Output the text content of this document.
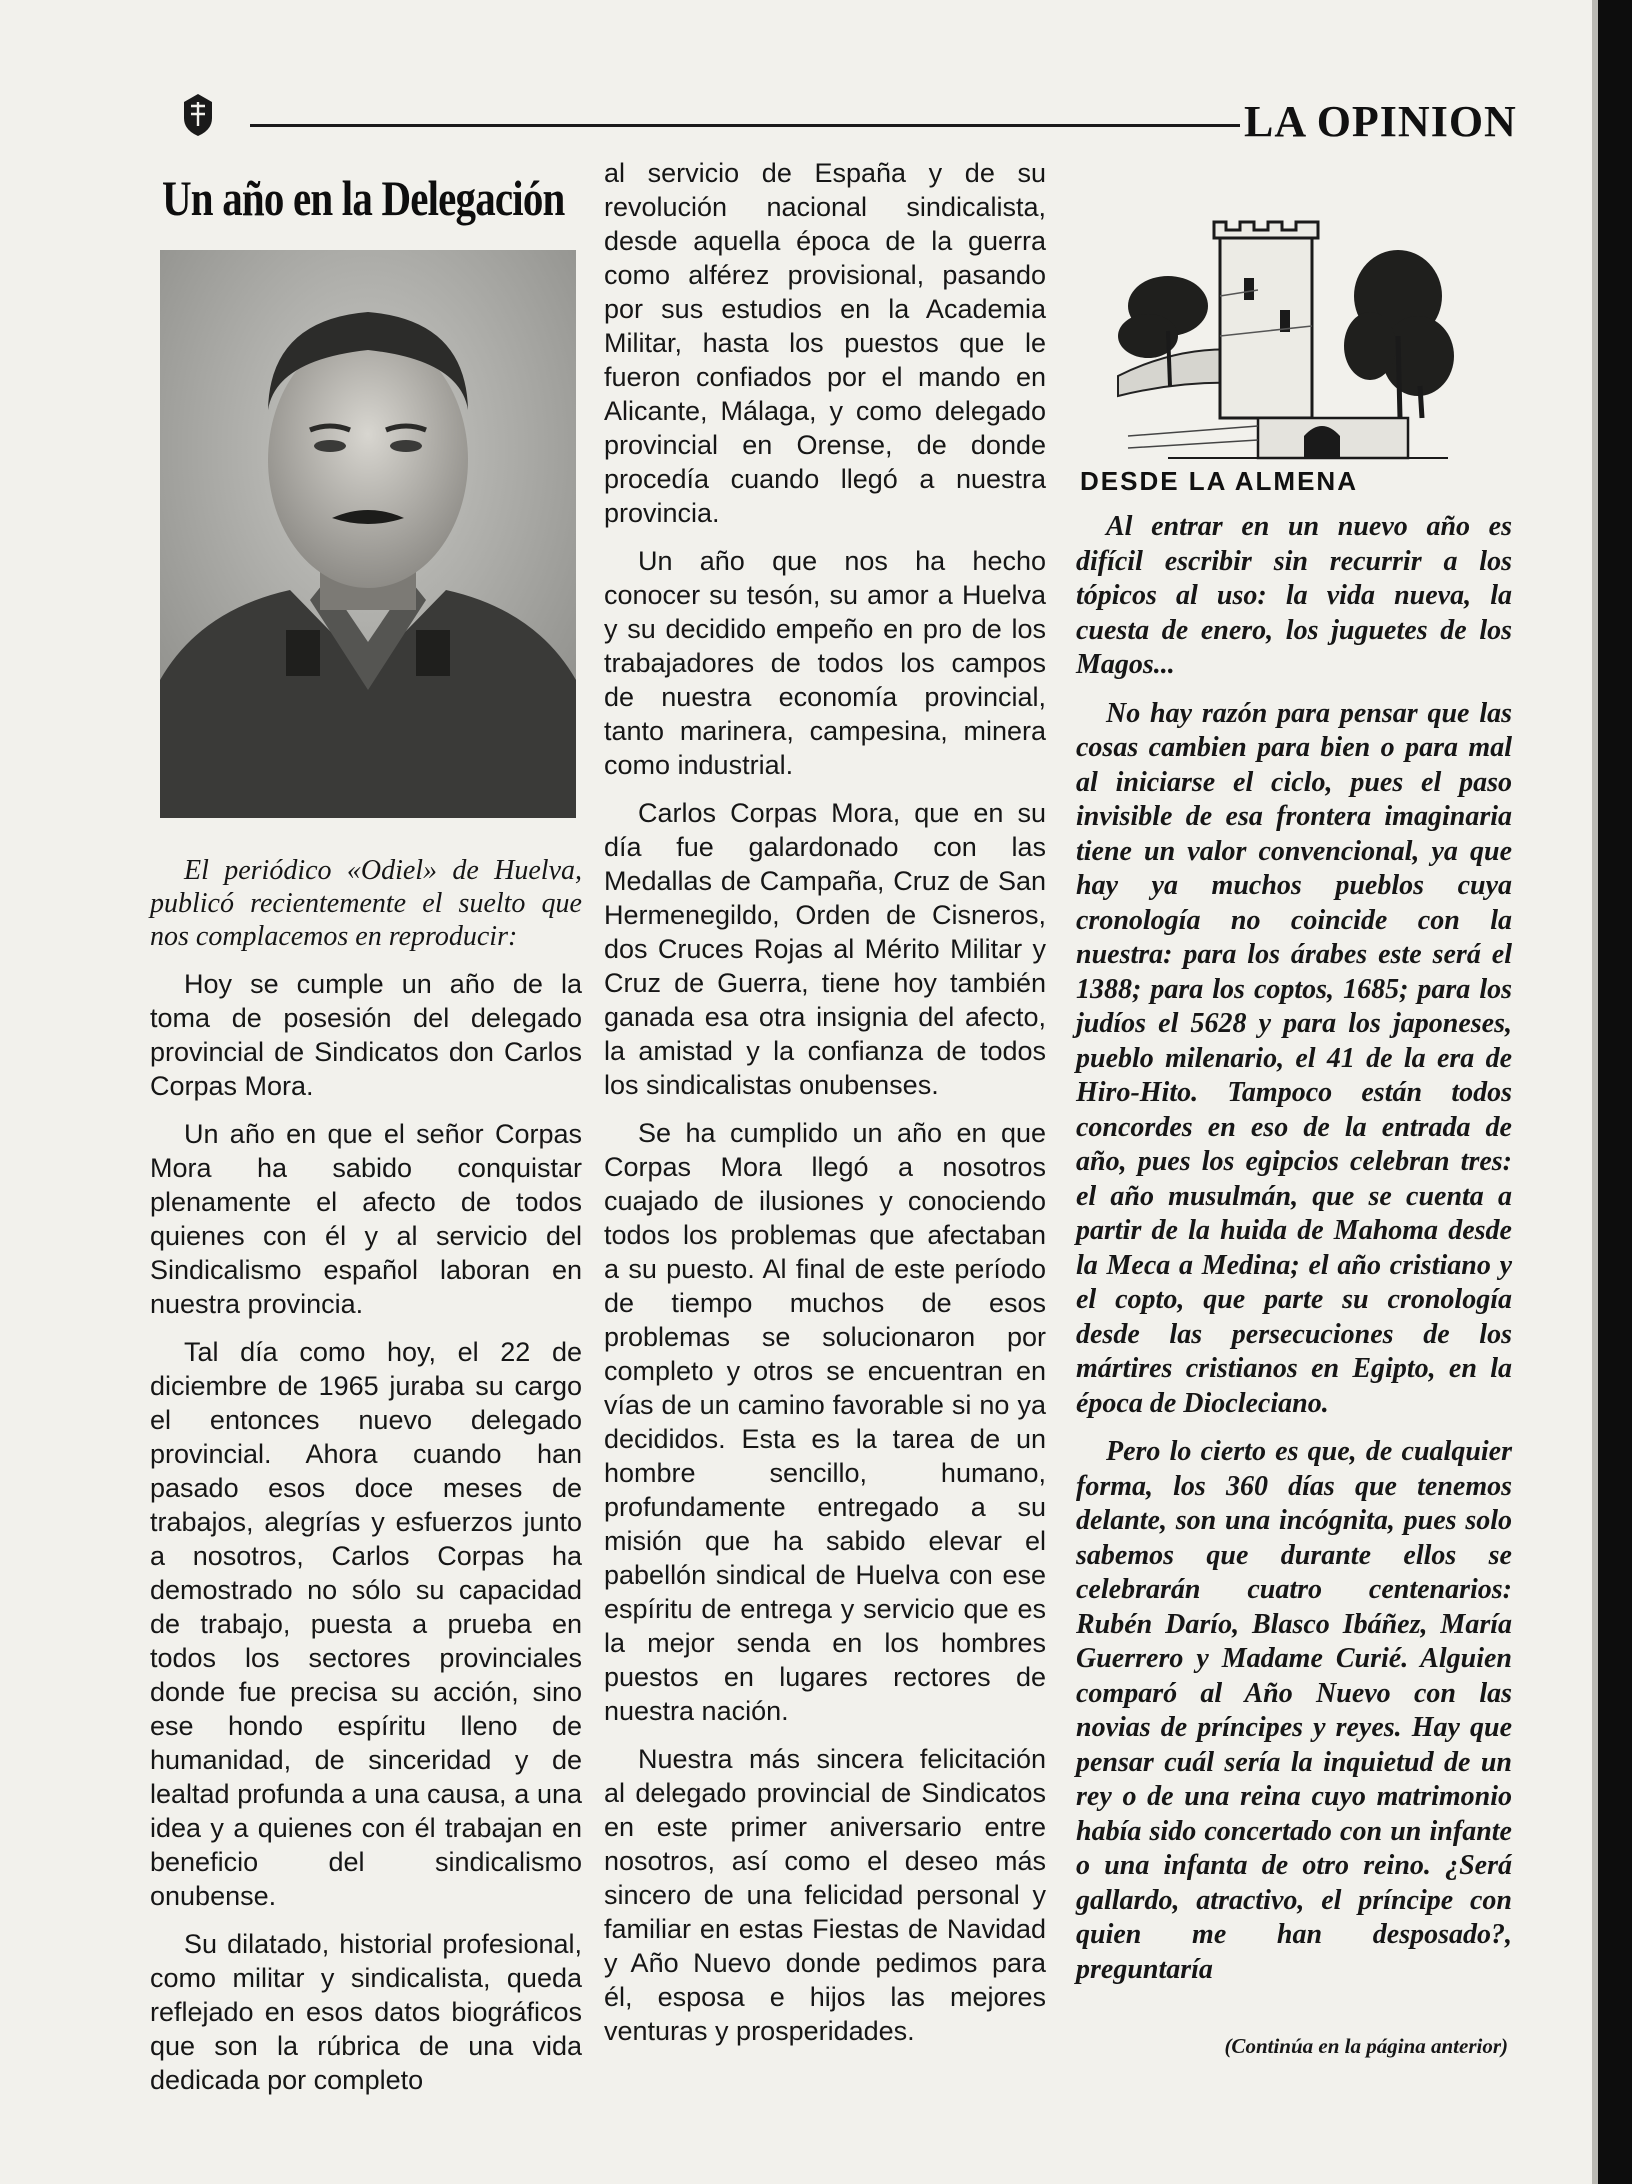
LA OPINION
Un año en la Delegación

El periódico «Odiel» de Huelva, publicó recientemente el suelto que nos complacemos en reproducir:

Hoy se cumple un año de la toma de posesión del delegado provincial de Sindicatos don Carlos Corpas Mora.

Un año en que el señor Corpas Mora ha sabido conquistar plenamente el afecto de todos quienes con él y al servicio del Sindicalismo español laboran en nuestra provincia.

Tal día como hoy, el 22 de diciembre de 1965 juraba su cargo el entonces nuevo delegado provincial. Ahora cuando han pasado esos doce meses de trabajos, alegrías y esfuerzos junto a nosotros, Carlos Corpas ha demostrado no sólo su capacidad de trabajo, puesta a prueba en todos los sectores provinciales donde fue precisa su acción, sino ese hondo espíritu lleno de humanidad, de sinceridad y de lealtad profunda a una causa, a una idea y a quienes con él trabajan en beneficio del sindicalismo onubense.

Su dilatado, historial profesional, como militar y sindicalista, queda reflejado en esos datos biográficos que son la rúbrica de una vida dedicada por completo

al servicio de España y de su revolución nacional sindicalista, desde aquella época de la guerra como alférez provisional, pasando por sus estudios en la Academia Militar, hasta los puestos que le fueron confiados por el mando en Alicante, Málaga, y como delegado provincial en Orense, de donde procedía cuando llegó a nuestra provincia.

Un año que nos ha hecho conocer su tesón, su amor a Huelva y su decidido empeño en pro de los trabajadores de todos los campos de nuestra economía provincial, tanto marinera, campesina, minera como industrial.

Carlos Corpas Mora, que en su día fue galardonado con las Medallas de Campaña, Cruz de San Hermenegildo, Orden de Cisneros, dos Cruces Rojas al Mérito Militar y Cruz de Guerra, tiene hoy también ganada esa otra insignia del afecto, la amistad y la confianza de todos los sindicalistas onubenses.

Se ha cumplido un año en que Corpas Mora llegó a nosotros cuajado de ilusiones y conociendo todos los problemas que afectaban a su puesto. Al final de este período de tiempo muchos de esos problemas se solucionaron por completo y otros se encuentran en vías de un camino favorable si no ya decididos. Esta es la tarea de un hombre sencillo, humano, profundamente entregado a su misión que ha sabido elevar el pabellón sindical de Huelva con ese espíritu de entrega y servicio que es la mejor senda en los hombres puestos en lugares rectores de nuestra nación.

Nuestra más sincera felicitación al delegado provincial de Sindicatos en este primer aniversario entre nosotros, así como el deseo más sincero de una felicidad personal y familiar en estas Fiestas de Navidad y Año Nuevo donde pedimos para él, esposa e hijos las mejores venturas y prosperidades.

DESDE LA ALMENA

Al entrar en un nuevo año es difícil escribir sin recurrir a los tópicos al uso: la vida nueva, la cuesta de enero, los juguetes de los Magos...

No hay razón para pensar que las cosas cambien para bien o para mal al iniciarse el ciclo, pues el paso invisible de esa frontera imaginaria tiene un valor convencional, ya que hay ya muchos pueblos cuya cronología no coincide con la nuestra: para los árabes este será el 1388; para los coptos, 1685; para los judíos el 5628 y para los japoneses, pueblo milenario, el 41 de la era de Hiro-Hito. Tampoco están todos concordes en eso de la entrada de año, pues los egipcios celebran tres: el año musulmán, que se cuenta a partir de la huida de Mahoma desde la Meca a Medina; el año cristiano y el copto, que parte su cronología desde las persecuciones de los mártires cristianos en Egipto, en la época de Diocleciano.

Pero lo cierto es que, de cualquier forma, los 360 días que tenemos delante, son una incógnita, pues solo sabemos que durante ellos se celebrarán cuatro centenarios: Rubén Darío, Blasco Ibáñez, María Guerrero y Madame Curié. Alguien comparó al Año Nuevo con las novias de príncipes y reyes. Hay que pensar cuál sería la inquietud de un rey o de una reina cuyo matrimonio había sido concertado con un infante o una infanta de otro reino. ¿Será gallardo, atractivo, el príncipe con quien me han desposado?, preguntaría

(Continúa en la página anterior)
